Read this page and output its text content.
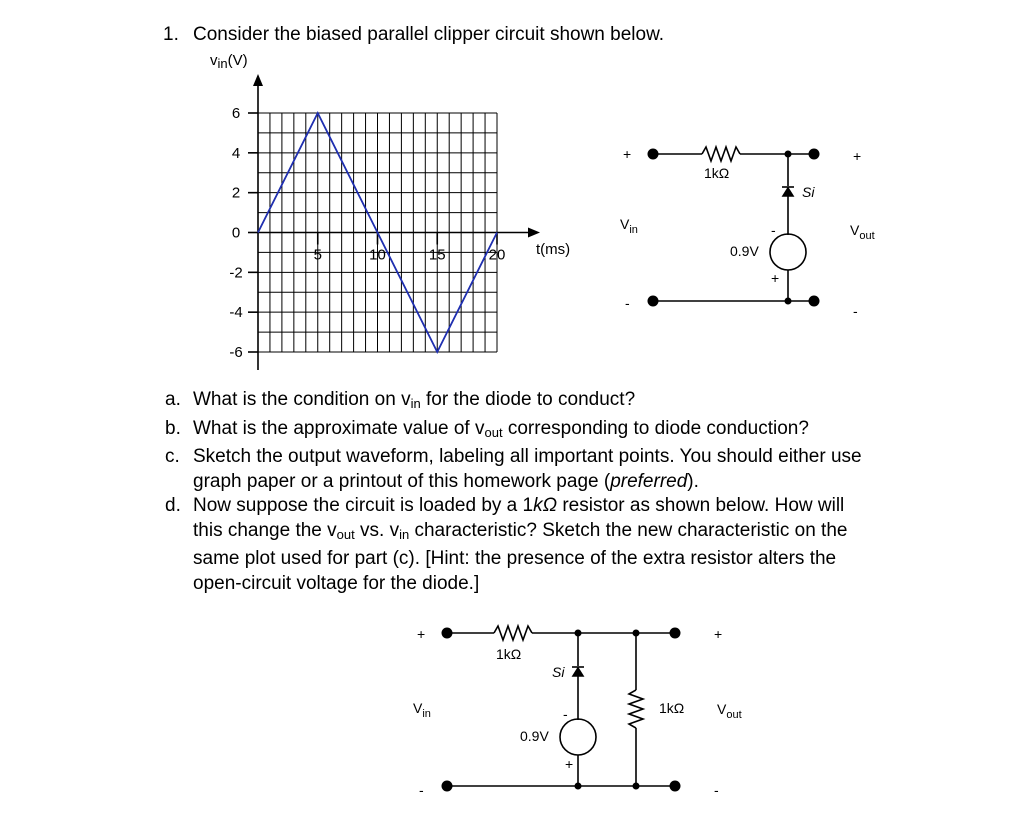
1. Consider the biased parallel clipper circuit shown below.
6
4
2
0
-2
-4
-6
5	10	15	20
$v_{in}(V)$
t(ms)
+
-
+
-
1kΩ
Si
0.9V
-
+
$V_{in}$	$V_{out}$
a. What is the condition on $v_{in}$ for the diode to conduct?
b. What is the approximate value of $v_{out}$ corresponding to diode conduction?
c. Sketch the output waveform, labeling all important points. You should either use
graph paper or a printout of this homework page (preferred).
d. Now suppose the circuit is loaded by a 1kΩ resistor as shown below. How will
this change the $v_{out}$ vs. $v_{in}$ characteristic? Sketch the new characteristic on the
same plot used for part (c). [Hint: the presence of the extra resistor alters the
open-circuit voltage for the diode.]
+
-
+
-
1kΩ
1kΩ
Si
0.9V
-
+
$V_{in}$	$V_{out}$
